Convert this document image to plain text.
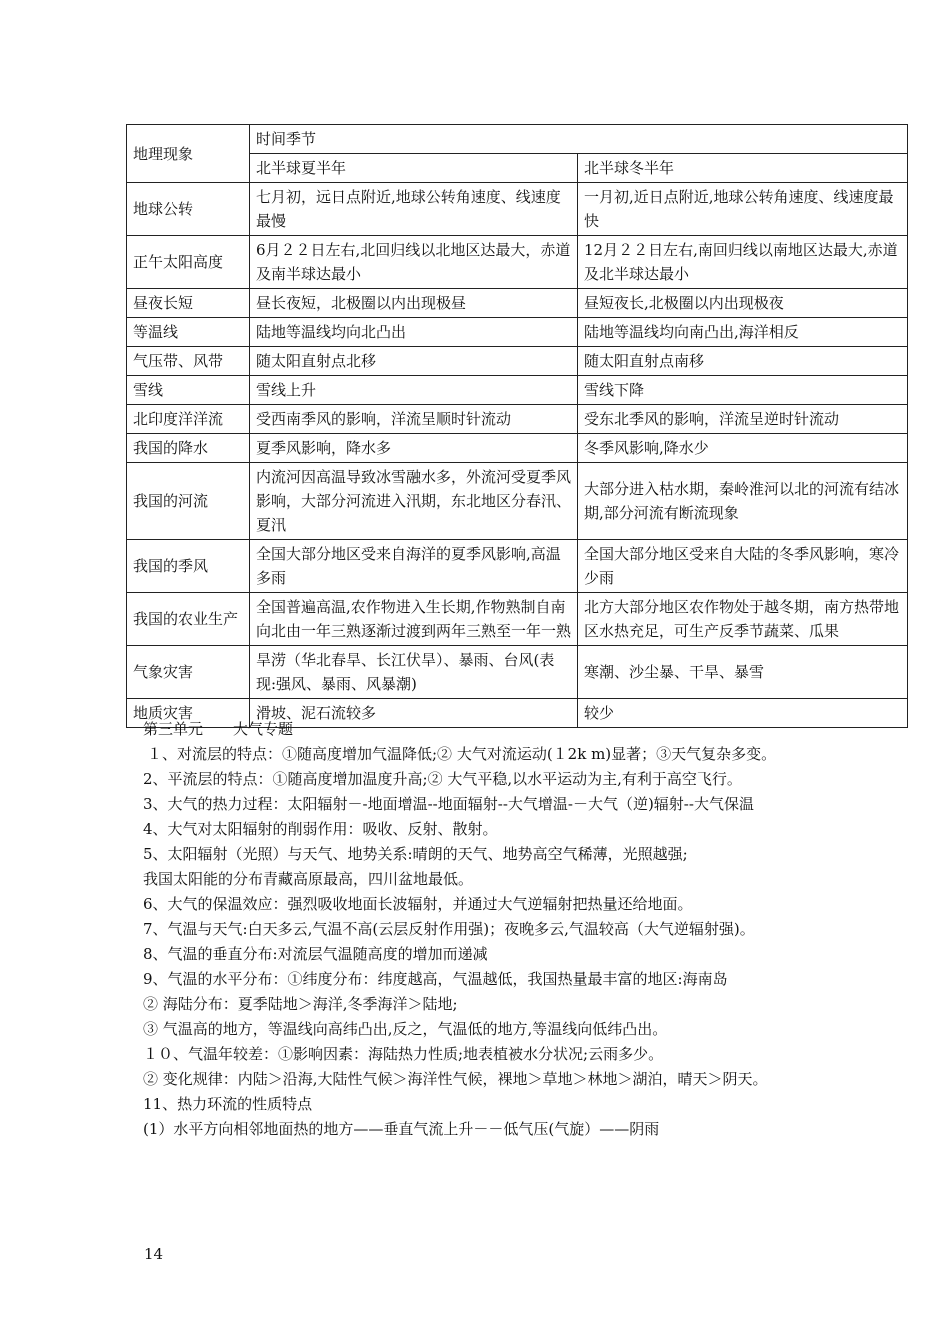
地理现象	时间季节	
	北半球夏半年	北半球冬半年
地球公转	七月初，远日点附近,地球公转角速度、线速度最慢	一月初,近日点附近,地球公转角速度、线速度最快
正午太阳高度	6月２２日左右,北回归线以北地区达最大，赤道及南半球达最小	12月２２日左右,南回归线以南地区达最大,赤道及北半球达最小
昼夜长短	昼长夜短，北极圈以内出现极昼	昼短夜长,北极圈以内出现极夜
等温线	陆地等温线均向北凸出	陆地等温线均向南凸出,海洋相反
气压带、风带	随太阳直射点北移	随太阳直射点南移
雪线	雪线上升	雪线下降
北印度洋洋流	受西南季风的影响，洋流呈顺时针流动	受东北季风的影响，洋流呈逆时针流动
我国的降水	夏季风影响，降水多	冬季风影响,降水少
我国的河流	内流河因高温导致冰雪融水多，外流河受夏季风影响，大部分河流进入汛期，东北地区分春汛、夏汛	大部分进入枯水期，秦岭淮河以北的河流有结冰期,部分河流有断流现象
我国的季风	全国大部分地区受来自海洋的夏季风影响,高温多雨	全国大部分地区受来自大陆的冬季风影响，寒冷少雨
我国的农业生产	全国普遍高温,农作物进入生长期,作物熟制自南向北由一年三熟逐渐过渡到两年三熟至一年一熟	北方大部分地区农作物处于越冬期，南方热带地区水热充足，可生产反季节蔬菜、瓜果
气象灾害	旱涝（华北春旱、长江伏旱）、暴雨、台风(表现:强风、暴雨、风暴潮)	寒潮、沙尘暴、干旱、暴雪
地质灾害	滑坡、泥石流较多	较少

第三单元　　大气专题

１、对流层的特点：①随高度增加气温降低;② 大气对流运动(１2k m)显著；③天气复杂多变。

2、平流层的特点：①随高度增加温度升高;② 大气平稳,以水平运动为主,有利于高空飞行。

3、大气的热力过程：太阳辐射－-地面增温--地面辐射--大气增温-－大气（逆)辐射--大气保温

4、大气对太阳辐射的削弱作用：吸收、反射、散射。

5、太阳辐射（光照）与天气、地势关系:晴朗的天气、地势高空气稀薄，光照越强;

我国太阳能的分布青藏高原最高，四川盆地最低。

6、大气的保温效应：强烈吸收地面长波辐射，并通过大气逆辐射把热量还给地面。

7、气温与天气:白天多云,气温不高(云层反射作用强)；夜晚多云,气温较高（大气逆辐射强)。

8、气温的垂直分布:对流层气温随高度的增加而递减

9、气温的水平分布：①纬度分布：纬度越高，气温越低，我国热量最丰富的地区:海南岛

② 海陆分布：夏季陆地＞海洋,冬季海洋＞陆地;

③ 气温高的地方，等温线向高纬凸出,反之，气温低的地方,等温线向低纬凸出。

１０、气温年较差：①影响因素：海陆热力性质;地表植被水分状况;云雨多少。

② 变化规律：内陆＞沿海,大陆性气候＞海洋性气候，裸地＞草地＞林地＞湖泊，晴天＞阴天。

11、热力环流的性质特点

(1）水平方向相邻地面热的地方——垂直气流上升－－低气压(气旋）——阴雨

14
